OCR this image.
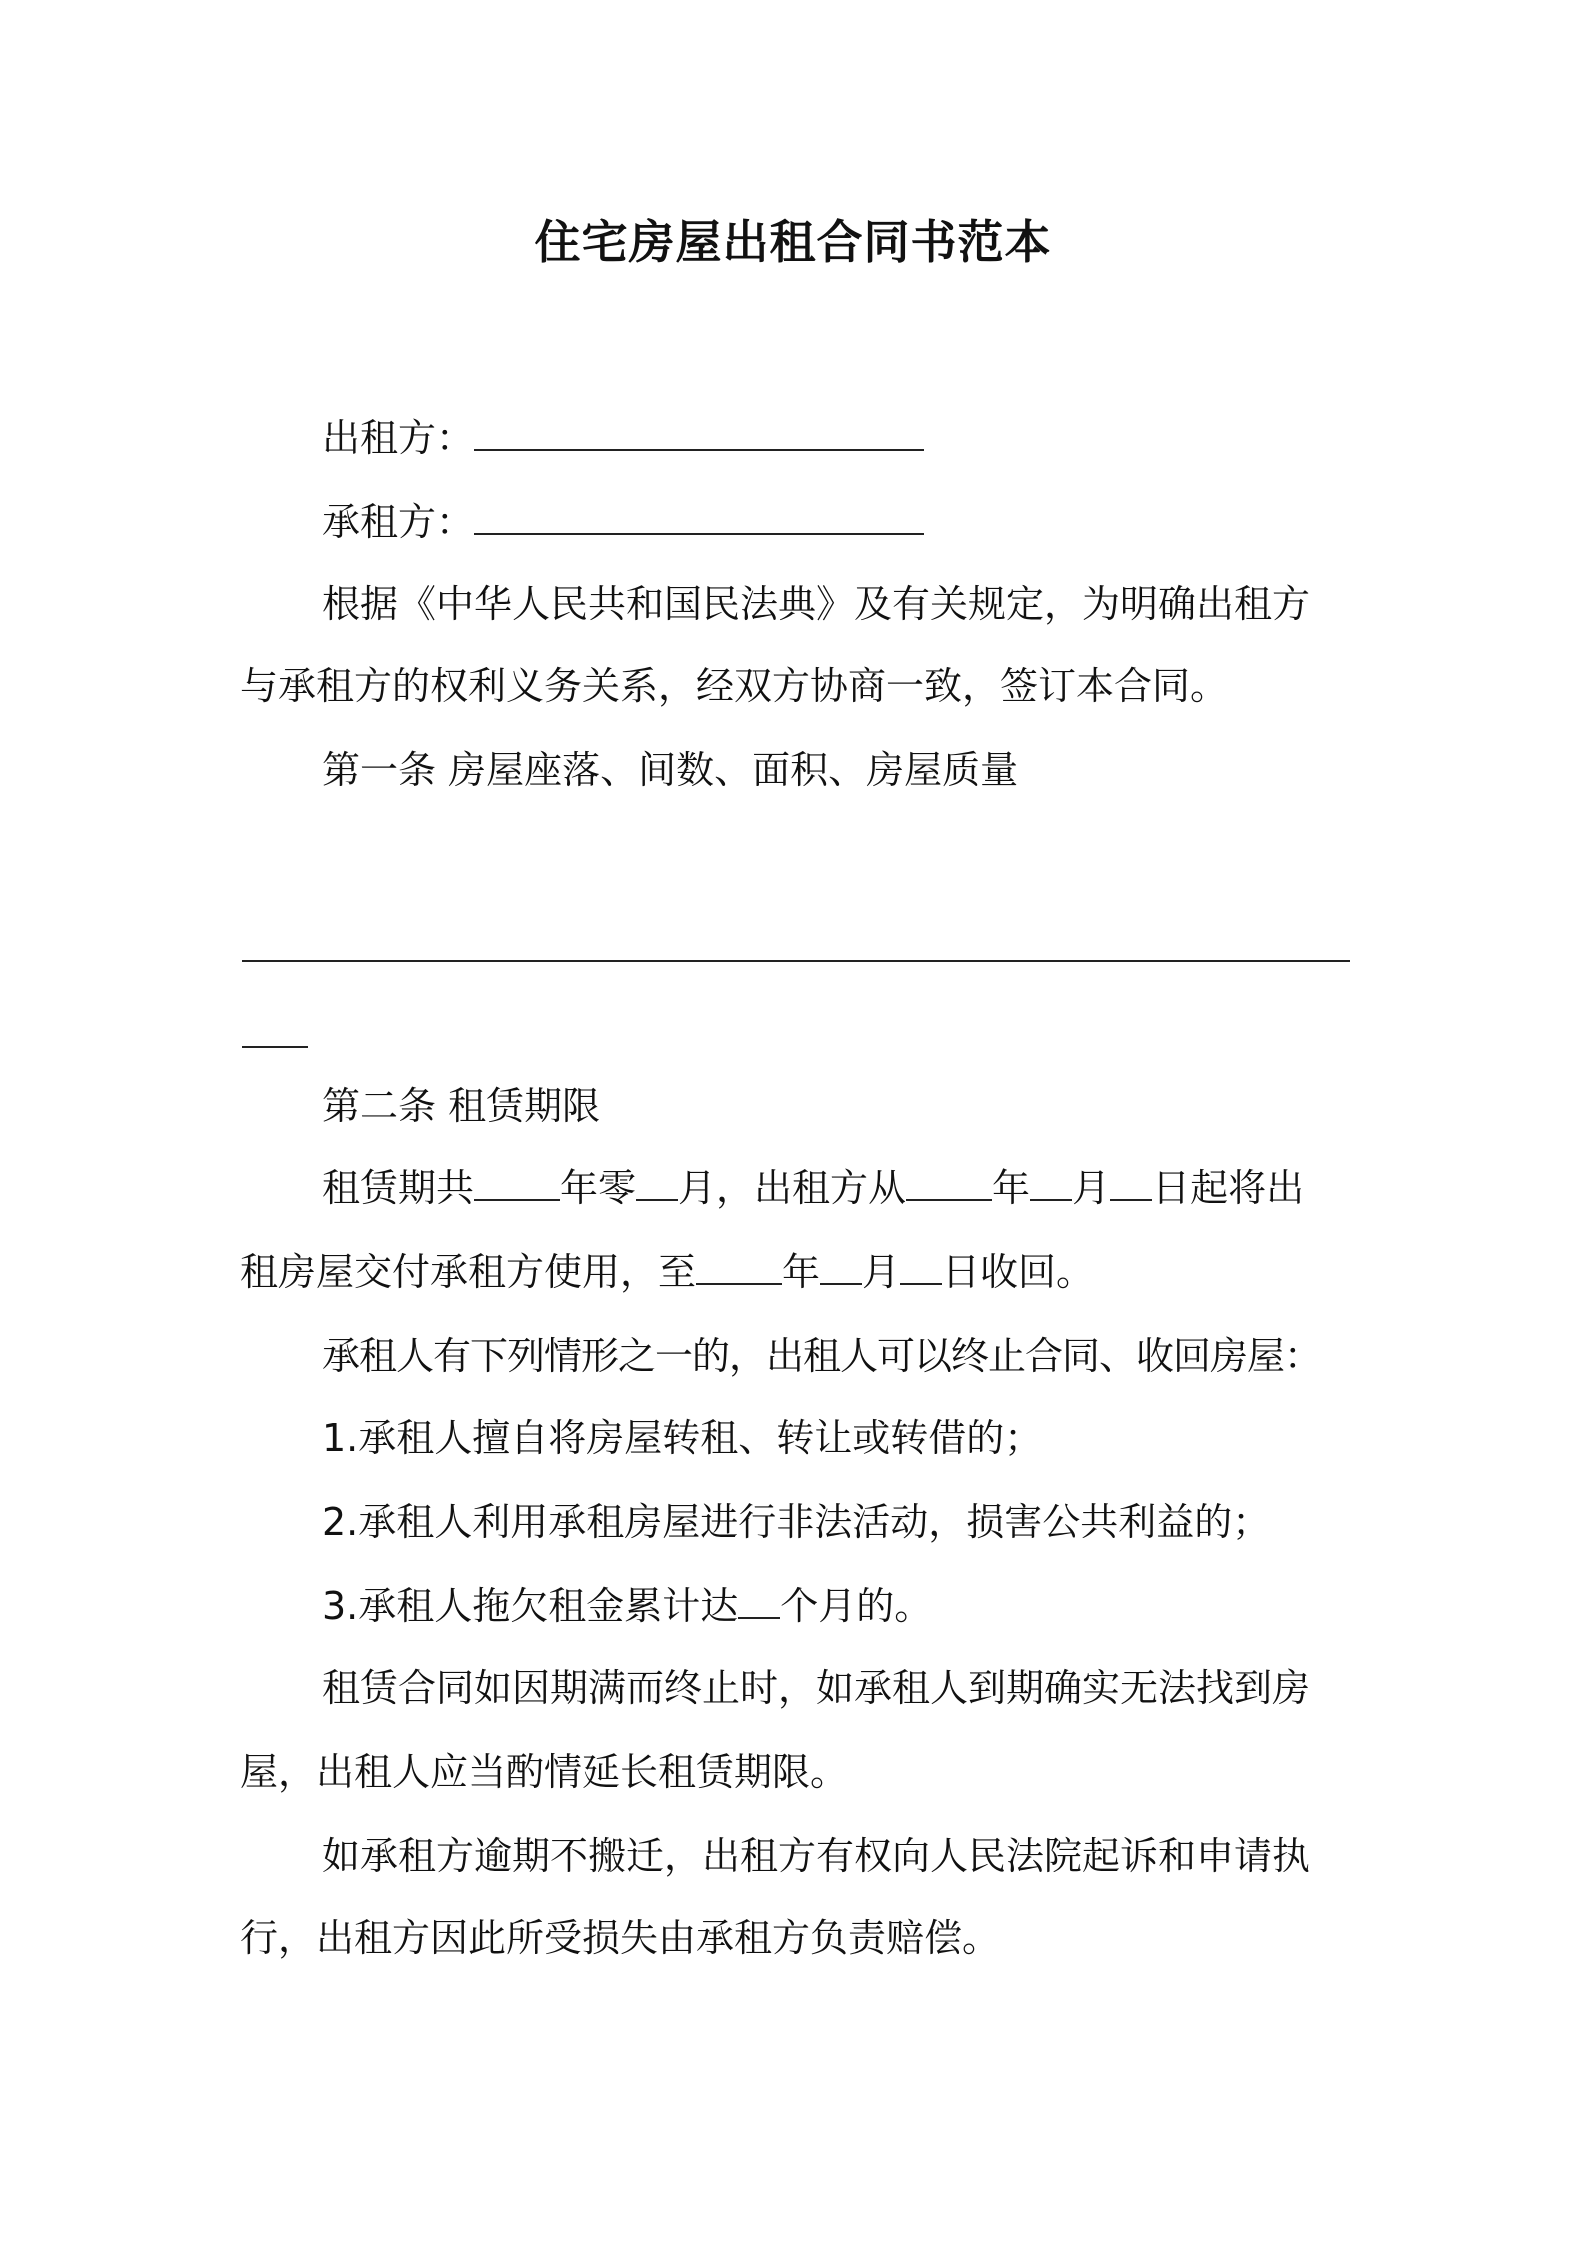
住宅房屋出租合同书范本
出租方：
承租方：
根据《中华人民共和国民法典》及有关规定，为明确出租方
与承租方的权利义务关系，经双方协商一致，签订本合同。
第一条 房屋座落、间数、面积、房屋质量
第二条 租赁期限
租赁期共 年零 月，出租方从 年 月 日起将出
租房屋交付承租方使用，至 年 月 日收回。
承租人有下列情形之一的，出租人可以终止合同、收回房屋：
1.承租人擅自将房屋转租、转让或转借的；
2.承租人利用承租房屋进行非法活动，损害公共利益的；
3.承租人拖欠租金累计达 个月的。
租赁合同如因期满而终止时，如承租人到期确实无法找到房
屋，出租人应当酌情延长租赁期限。
如承租方逾期不搬迁，出租方有权向人民法院起诉和申请执
行，出租方因此所受损失由承租方负责赔偿。
